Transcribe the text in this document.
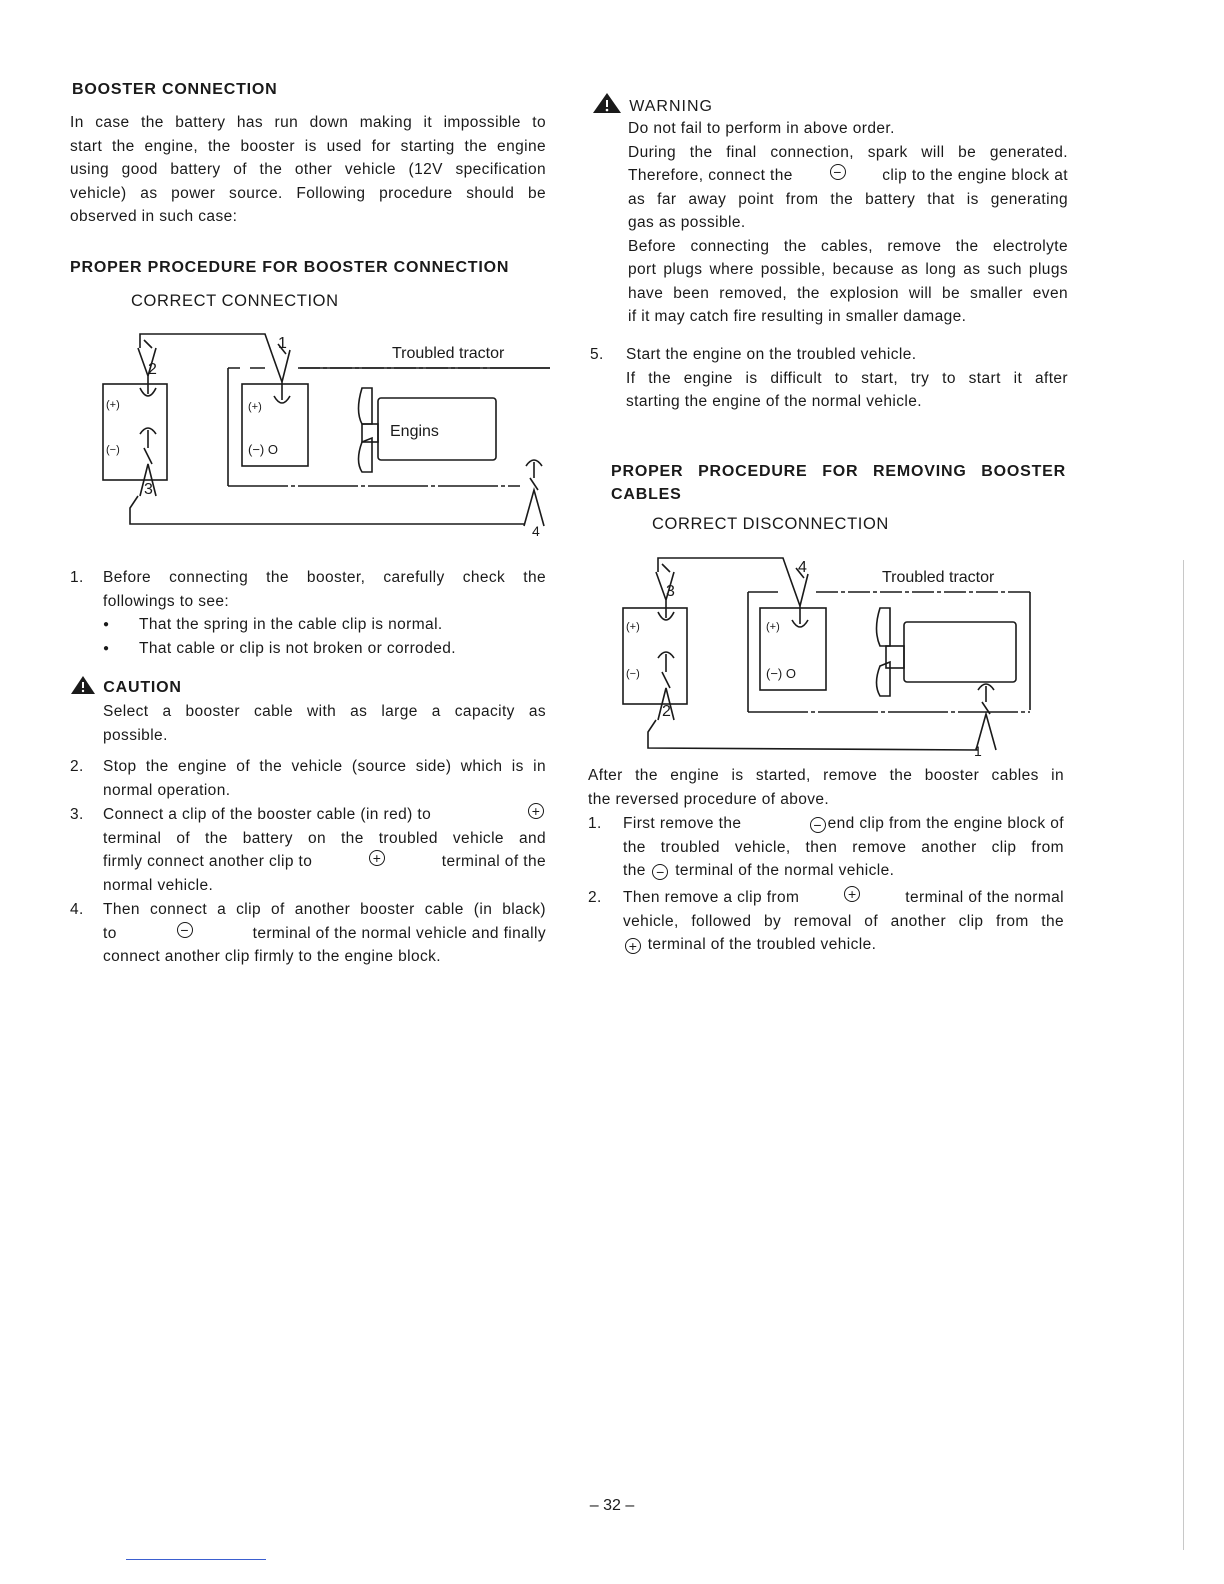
BOOSTER CONNECTION
In case the battery has run down making it impossible to
start the engine, the booster is used for starting the engine
using good battery of the other vehicle (12V specification
vehicle) as power source. Following procedure should be
observed in such case:
PROPER PROCEDURE FOR BOOSTER CONNECTION
CORRECT CONNECTION
2
1
3
4
(+)
(−)
(+)
(−) O
Troubled tractor
Engins
1. Before connecting the booster, carefully check the
followings to see:
● That the spring in the cable clip is normal.
● That cable or clip is not broken or corroded.
CAUTION
Select a booster cable with as large a capacity as
possible.
2. Stop the engine of the vehicle (source side) which is in
normal operation.
3. Connect a clip of the booster cable (in red) to	+
terminal of the battery on the troubled vehicle and
firmly connect another clip to	+	terminal of the
normal vehicle.
4. Then connect a clip of another booster cable (in black)
to	−	terminal of the normal vehicle and finally
connect another clip firmly to the engine block.
WARNING
Do not fail to perform in above order.
During the final connection, spark will be generated.
Therefore, connect the	−	clip to the engine block at
as far away point from the battery that is generating
gas as possible.
Before connecting the cables, remove the electrolyte
port plugs where possible, because as long as such plugs
have been removed, the explosion will be smaller even
if it may catch fire resulting in smaller damage.
5. Start the engine on the troubled vehicle.
If the engine is difficult to start, try to start it after
starting the engine of the normal vehicle.
PROPER PROCEDURE FOR REMOVING BOOSTER
CABLES
CORRECT DISCONNECTION
3
4
2
1
(+)
(−)
(+)
(−) O
Troubled tractor
After the engine is started, remove the booster cables in
the reversed procedure of above.
1. First remove the	− end clip from the engine block of
the troubled vehicle, then remove another clip from
the − terminal of the normal vehicle.
2. Then remove a clip from	+	terminal of the normal
vehicle, followed by removal of another clip from the
+ terminal of the troubled vehicle.
– 32 –
